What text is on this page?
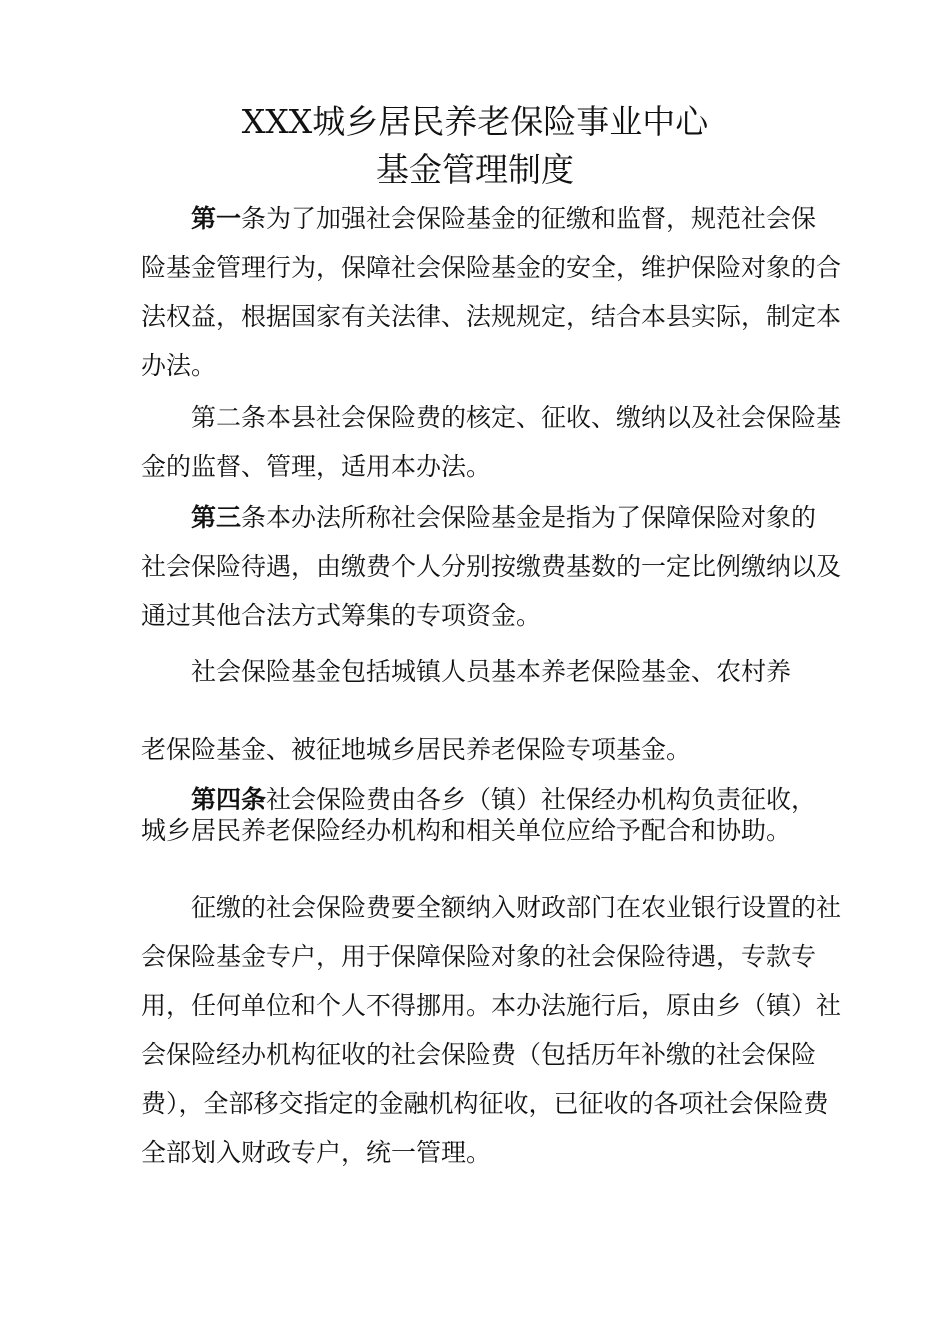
XXX城乡居民养老保险事业中心
基金管理制度

第一条为了加强社会保险基金的征缴和监督，规范社会保险基金管理行为，保障社会保险基金的安全，维护保险对象的合法权益，根据国家有关法律、法规规定，结合本县实际，制定本办法。

第二条本县社会保险费的核定、征收、缴纳以及社会保险基金的监督、管理，适用本办法。

第三条本办法所称社会保险基金是指为了保障保险对象的社会保险待遇，由缴费个人分别按缴费基数的一定比例缴纳以及通过其他合法方式筹集的专项资金。

社会保险基金包括城镇人员基本养老保险基金、农村养

老保险基金、被征地城乡居民养老保险专项基金。

第四条社会保险费由各乡（镇）社保经办机构负责征收，城乡居民养老保险经办机构和相关单位应给予配合和协助。

征缴的社会保险费要全额纳入财政部门在农业银行设置的社会保险基金专户，用于保障保险对象的社会保险待遇，专款专用，任何单位和个人不得挪用。本办法施行后，原由乡（镇）社会保险经办机构征收的社会保险费（包括历年补缴的社会保险费），全部移交指定的金融机构征收，已征收的各项社会保险费全部划入财政专户，统一管理。
